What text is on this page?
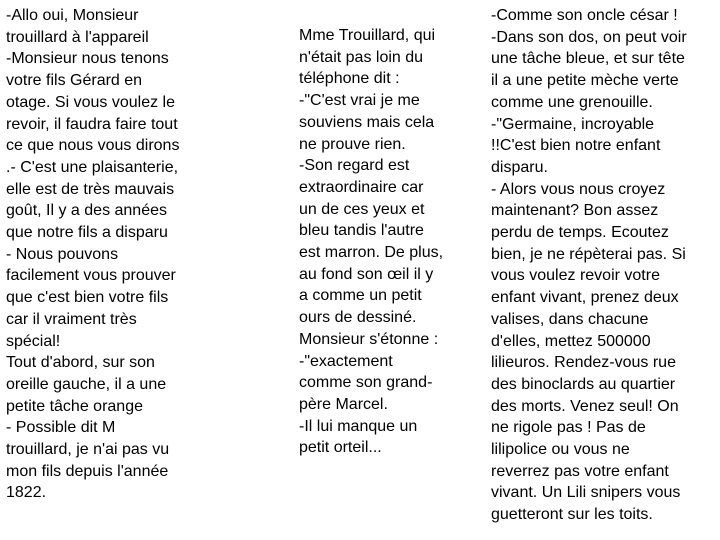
-Allo oui, Monsieur
trouillard à l'appareil
-Monsieur nous tenons
votre fils Gérard en
otage. Si vous voulez le
revoir, il faudra faire tout
ce que nous vous dirons
.- C'est une plaisanterie,
elle est de très mauvais
goût, Il y a des années
que notre fils a disparu
- Nous pouvons
facilement vous prouver
que c'est bien votre fils
car il vraiment très
spécial!
Tout d'abord, sur son
oreille gauche, il a une
petite tâche orange
- Possible dit M
trouillard, je n'ai pas vu
mon fils depuis l'année
1822.

Mme Trouillard, qui
n'était pas loin du
téléphone dit :
-"C'est vrai je me
souviens mais cela
ne prouve rien.
-Son regard est
extraordinaire car
un de ces yeux et
bleu tandis l'autre
est marron. De plus,
au fond son œil il y
a comme un petit
ours de dessiné.
Monsieur s'étonne :
-"exactement
comme son grand-
père Marcel.
-Il lui manque un
petit orteil...

-Comme son oncle césar !
-Dans son dos, on peut voir
une tâche bleue, et sur tête
il a une petite mèche verte
comme une grenouille.
-"Germaine, incroyable
!!C'est bien notre enfant
disparu.
- Alors vous nous croyez
maintenant? Bon assez
perdu de temps. Ecoutez
bien, je ne répèterai pas. Si
vous voulez revoir votre
enfant vivant, prenez deux
valises, dans chacune
d'elles, mettez 500000
lilieuros. Rendez-vous rue
des binoclards au quartier
des morts. Venez seul! On
ne rigole pas ! Pas de
lilipolice ou vous ne
reverrez pas votre enfant
vivant. Un Lili snipers vous
guetteront sur les toits.
